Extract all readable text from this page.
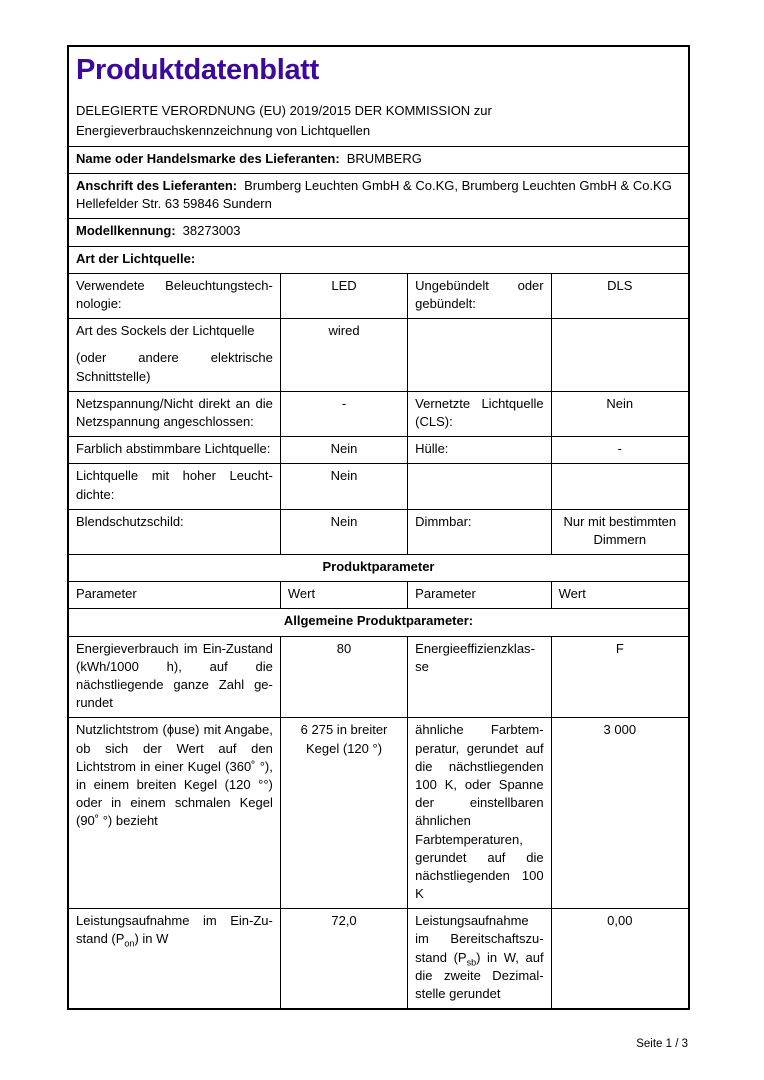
Produktdatenblatt

DELEGIERTE VERORDNUNG (EU) 2019/2015 DER KOMMISSION zur Energieverbrauchskennzeichnung von Lichtquellen

Name oder Handelsmarke des Lieferanten: BRUMBERG			
Anschrift des Lieferanten: Brumberg Leuchten GmbH & Co.KG, Brumberg Leuchten GmbH & Co.KG Hellefelder Str. 63 59846 Sundern			
Modellkennung: 38273003			
Art der Lichtquelle:			
Verwendete Beleuchtungstechnologie:	LED	Ungebündelt oder gebündelt:	DLS

Art des Sockels der Lichtquelle
(oder andere elektrische Schnittstelle)	wired		
Netzspannung/Nicht direkt an die Netzspannung angeschlossen:	-	Vernetzte Lichtquelle (CLS):	Nein
Farblich abstimmbare Lichtquelle:	Nein	Hülle:	-
Lichtquelle mit hoher Leuchtdichte:	Nein		
Blendschutzschild:	Nein	Dimmbar:	Nur mit bestimmten Dimmern
Produktparameter			
Parameter	Wert	Parameter	Wert
Allgemeine Produktparameter:			
Energieverbrauch im Ein-Zustand (kWh/1000 h), auf die nächstliegende ganze Zahl gerundet	80	Energieeffizienzklasse	F
Nutzlichtstrom (ϕuse) mit Angabe, ob sich der Wert auf den Lichtstrom in einer Kugel (360˚ °), in einem breiten Kegel (120 °°) oder in einem schmalen Kegel (90˚ °) bezieht	6 275 in breiter Kegel (120 °)	ähnliche Farbtemperatur, gerundet auf die nächstliegenden 100 K, oder Spanne der einstellbaren ähnlichen Farbtemperaturen, gerundet auf die nächstliegenden 100 K	3 000
Leistungsaufnahme im Ein-Zustand $(P_{on})$ in W	72,0	Leistungsaufnahme im Bereitschaftszustand $(P_{sb})$ in W, auf die zweite Dezimalstelle gerundet	0,00
Seite 1 / 3
